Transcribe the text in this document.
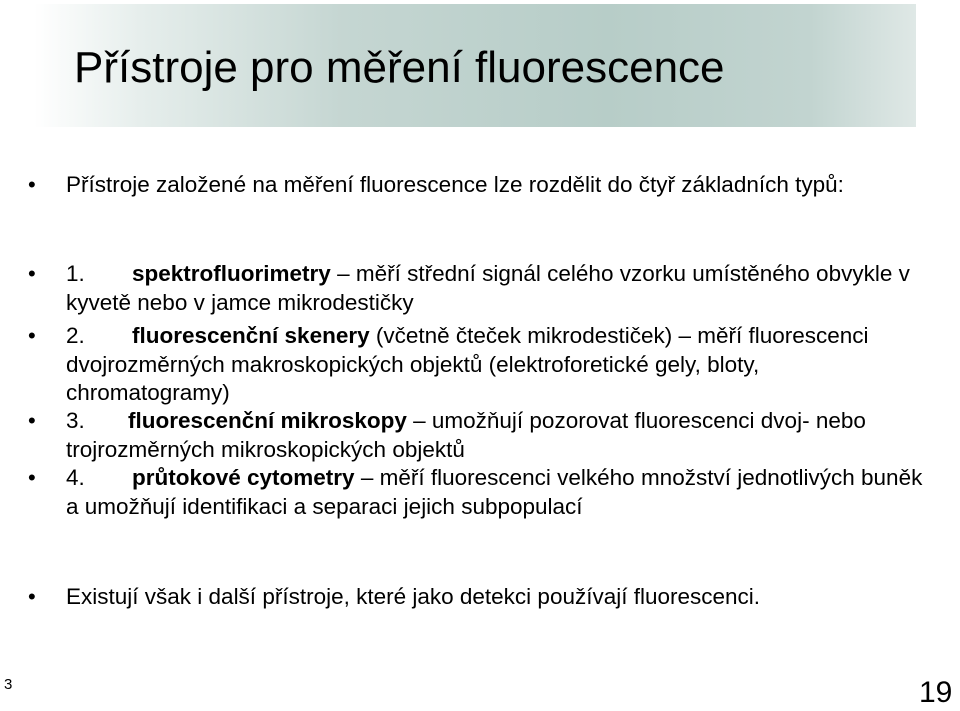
Přístroje pro měření fluorescence
• Přístroje založené na měření fluorescence lze rozdělit do čtyř základních typů:
• 1. spektrofluorimetry – měří střední signál celého vzorku umístěného obvykle v kyvetě nebo v jamce mikrodestičky
• 2. fluorescenční skenery (včetně čteček mikrodestiček) – měří fluorescenci dvojrozměrných makroskopických objektů (elektroforetické gely, bloty, chromatogramy)
• 3. fluorescenční mikroskopy – umožňují pozorovat fluorescenci dvoj- nebo trojrozměrných mikroskopických objektů
• 4. průtokové cytometry – měří fluorescenci velkého množství jednotlivých buněk a umožňují identifikaci a separaci jejich subpopulací
• Existují však i další přístroje, které jako detekci používají fluorescenci.
3	19
